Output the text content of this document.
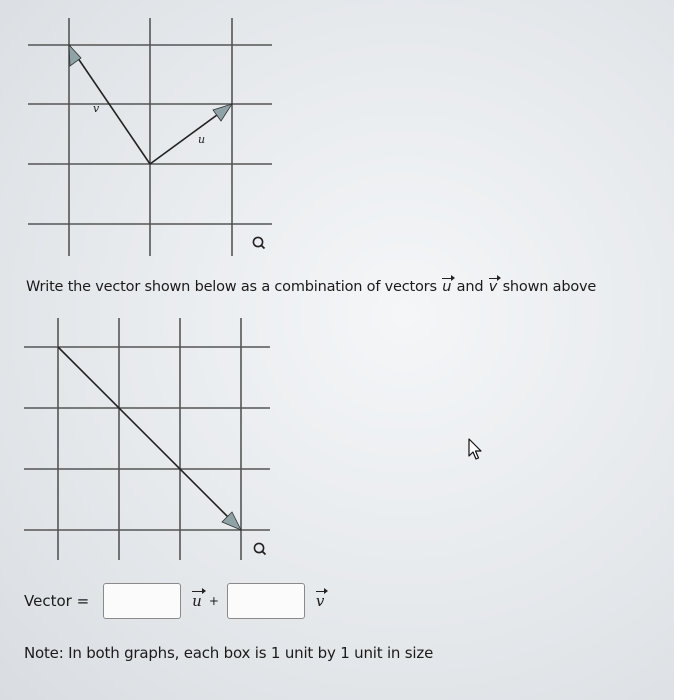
v
u
Write the vector shown below as a combination of vectors u and v shown above
Vector =	u +	v
Note: In both graphs, each box is 1 unit by 1 unit in size
